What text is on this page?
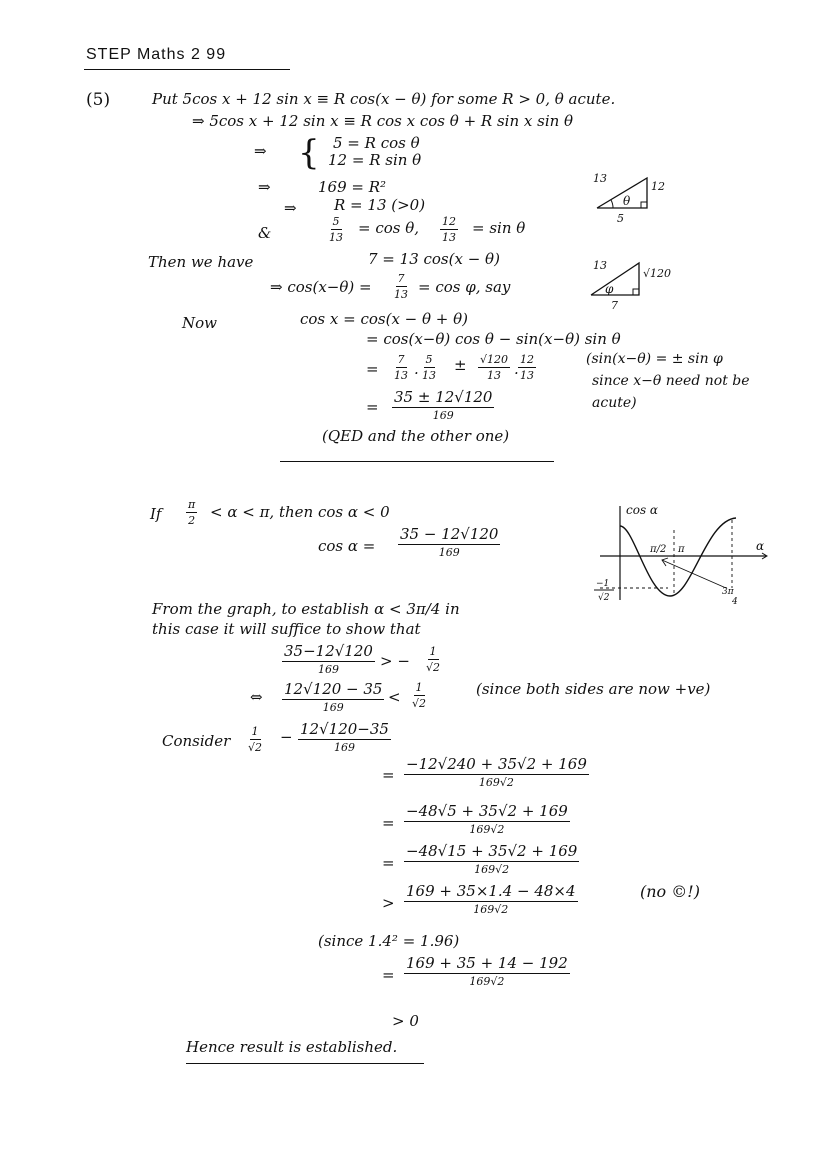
STEP Maths 2 99
(5)	Put 5cos x + 12 sin x ≡ R cos(x − θ) for some R > 0, θ acute.
⇒ 5cos x + 12 sin x ≡ R cos x cos θ + R sin x sin θ
⇒ { 5 = R cos θ
12 = R sin θ
⇒	169 = R²
⇒ R = 13 (>0)
&	$\frac{5}{13} = \cos \theta$, $\frac{12}{13} = \sin \theta$
Then we have	7 = 13 cos(x − θ)
⇒ $\cos(x-\theta) = \frac{7}{13} = \cos \varphi$, say
Now	cos x = cos(x − θ + θ)
= cos(x−θ) cos θ − sin(x−θ) sin θ
= $\frac{7}{13}$ . $\frac{5}{13} \pm \frac{√120}{13}$ . $\frac{12}{13}$
=
35 ± 12√120
169
(sin(x−θ) = ± sin φ
since x−θ need not be
acute)
(QED and the other one)
13
12
5
θ
13
√120
7
φ
cos α
α
π/2 π
3π
4
−1
√2
If $\frac{\pi}{2} < \alpha < \pi$, then cos α < 0
cos α =
35 − 12√120
169
From the graph, to establish α < 3π/4 in
this case it will suffice to show that
35−12√120
169	> − $\frac{1}{√2}$
⇔ 12√120 − 35
169
< $\frac{1}{√2}$	(since both sides are now +ve)
Consider $\frac{1}{√2} - 12√120-35$
169
=
−12√240 + 35√2 + 169
169√2
=
−48√5 + 35√2 + 169
169√2
=
−48√15 + 35√2 + 169
169√2
>
169 + 35×1.4 − 48×4
169√2
(no ©!)
(since 1.4² = 1.96)
=
169 + 35 + 14 − 192
169√2
> 0
Hence result is established.
